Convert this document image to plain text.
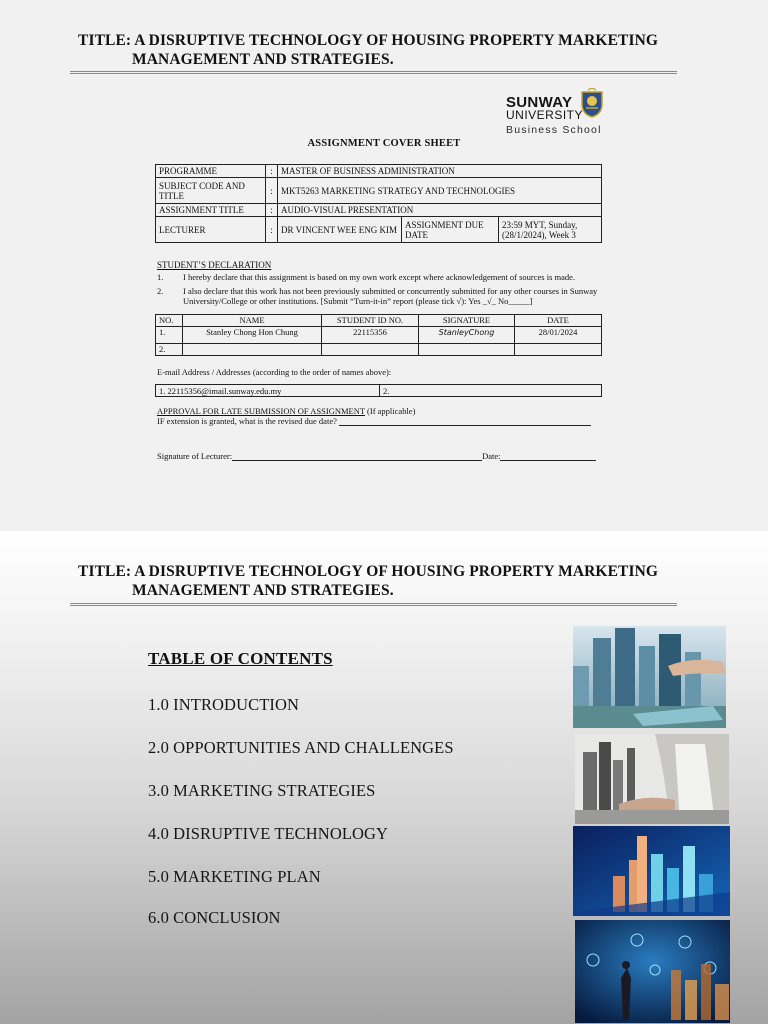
TITLE: A DISRUPTIVE TECHNOLOGY OF HOUSING PROPERTY MARKETING
MANAGEMENT AND STRATEGIES.
SUNWAY
UNIVERSITY
Business School
ASSIGNMENT COVER SHEET
PROGRAMME	:	MASTER OF BUSINESS ADMINISTRATION		
SUBJECT CODE AND TITLE	:	MKT5263 MARKETING STRATEGY AND TECHNOLOGIES		
ASSIGNMENT TITLE	:	AUDIO-VISUAL PRESENTATION		
LECTURER	:	DR VINCENT WEE ENG KIM	ASSIGNMENT DUE DATE	23:59 MYT, Sunday, (28/1/2024), Week 3
STUDENT’S DECLARATION
1.	I hereby declare that this assignment is based on my own work except where acknowledgement of sources is made.
2.	I also declare that this work has not been previously submitted or concurrently submitted for any other courses in Sunway University/College or other institutions. [Submit “Turn-it-in” report (please tick √): Yes _√_ No_____]
NO.	NAME	STUDENT ID NO.	SIGNATURE	DATE
1.	Stanley Chong Hon Chung	22115356	StanleyChong	28/01/2024
2.				
E-mail Address / Addresses (according to the order of names above):
1. 22115356@imail.sunway.edu.my	2.
APPROVAL FOR LATE SUBMISSION OF ASSIGNMENT (If applicable)
IF extension is granted, what is the revised due date?
Signature of Lecturer:	Date:
TITLE: A DISRUPTIVE TECHNOLOGY OF HOUSING PROPERTY MARKETING
MANAGEMENT AND STRATEGIES.
TABLE OF CONTENTS
1.0 INTRODUCTION
2.0 OPPORTUNITIES AND CHALLENGES
3.0 MARKETING STRATEGIES
4.0 DISRUPTIVE TECHNOLOGY
5.0 MARKETING PLAN
6.0 CONCLUSION
